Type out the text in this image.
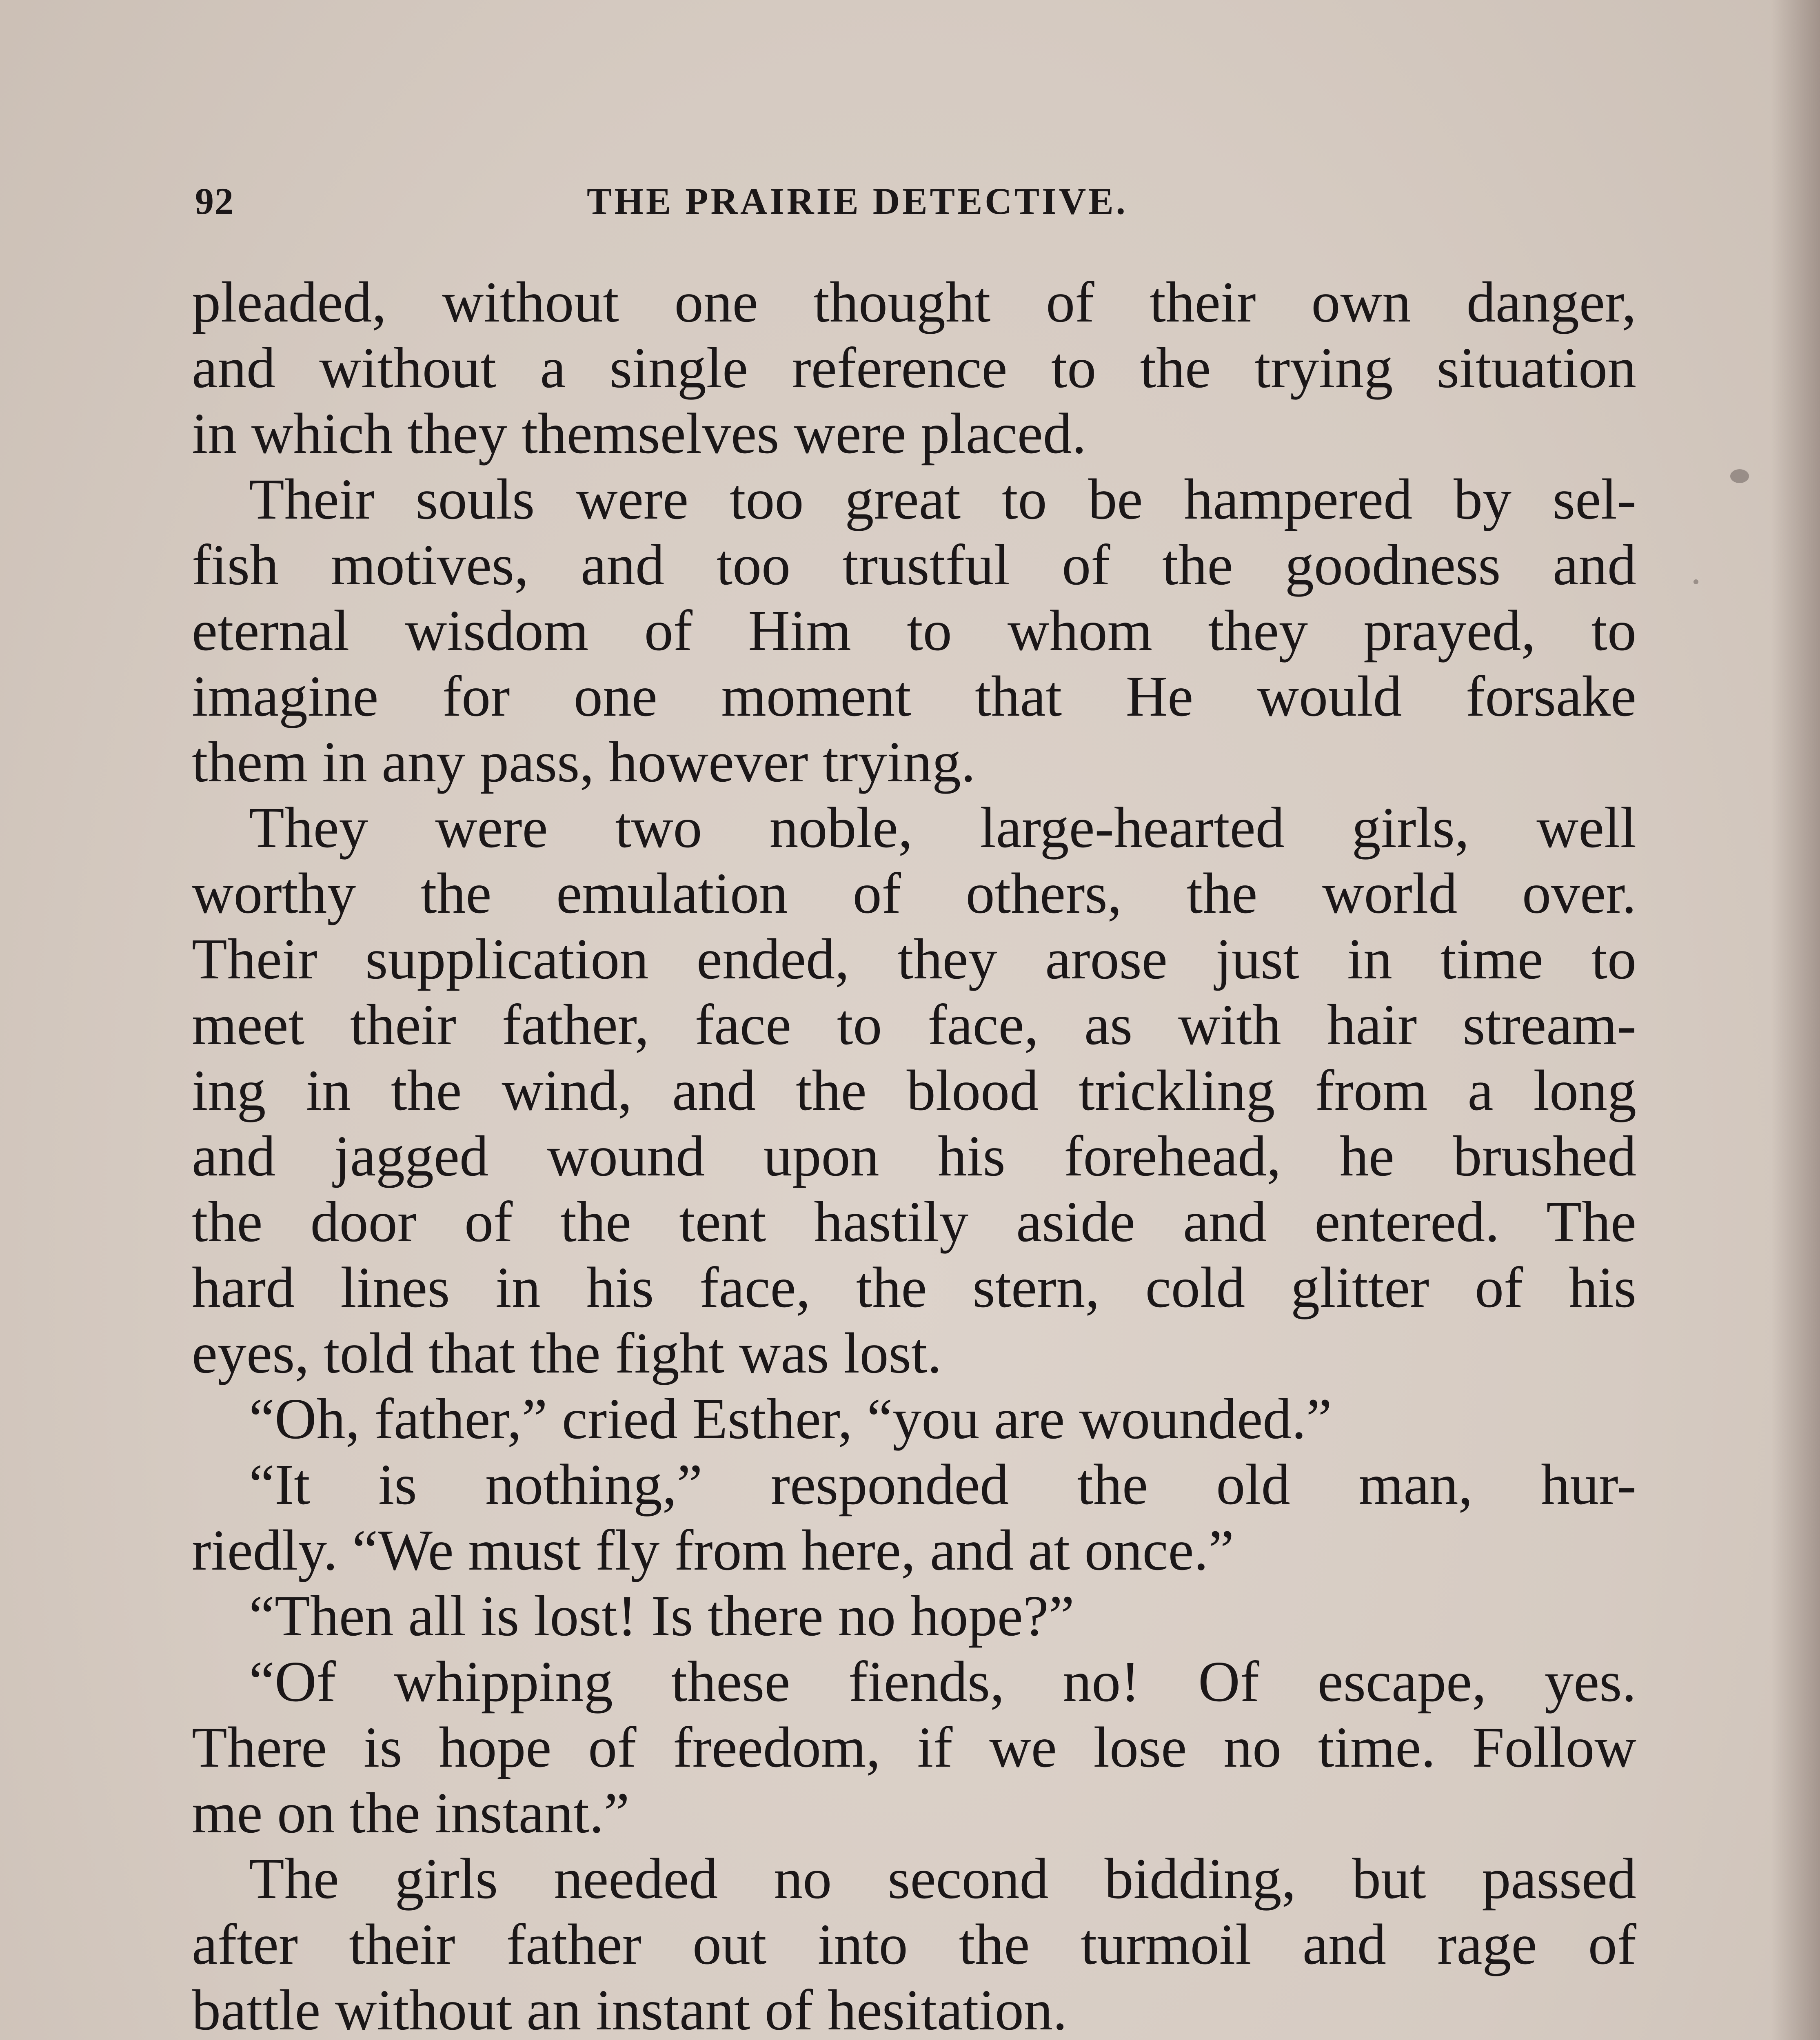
92	THE PRAIRIE DETECTIVE.
pleaded, without one thought of their own danger,
and without a single reference to the trying situation
in which they themselves were placed.
Their souls were too great to be hampered by sel-
fish motives, and too trustful of the goodness and
eternal wisdom of Him to whom they prayed, to
imagine for one moment that He would forsake
them in any pass, however trying.
They were two noble, large-hearted girls, well
worthy the emulation of others, the world over.
Their supplication ended, they arose just in time to
meet their father, face to face, as with hair stream-
ing in the wind, and the blood trickling from a long
and jagged wound upon his forehead, he brushed
the door of the tent hastily aside and entered. The
hard lines in his face, the stern, cold glitter of his
eyes, told that the fight was lost.
“Oh, father,” cried Esther, “you are wounded.”
“It is nothing,” responded the old man, hur-
riedly. “We must fly from here, and at once.”
“Then all is lost! Is there no hope?”
“Of whipping these fiends, no! Of escape, yes.
There is hope of freedom, if we lose no time. Follow
me on the instant.”
The girls needed no second bidding, but passed
after their father out into the turmoil and rage of
battle without an instant of hesitation.
